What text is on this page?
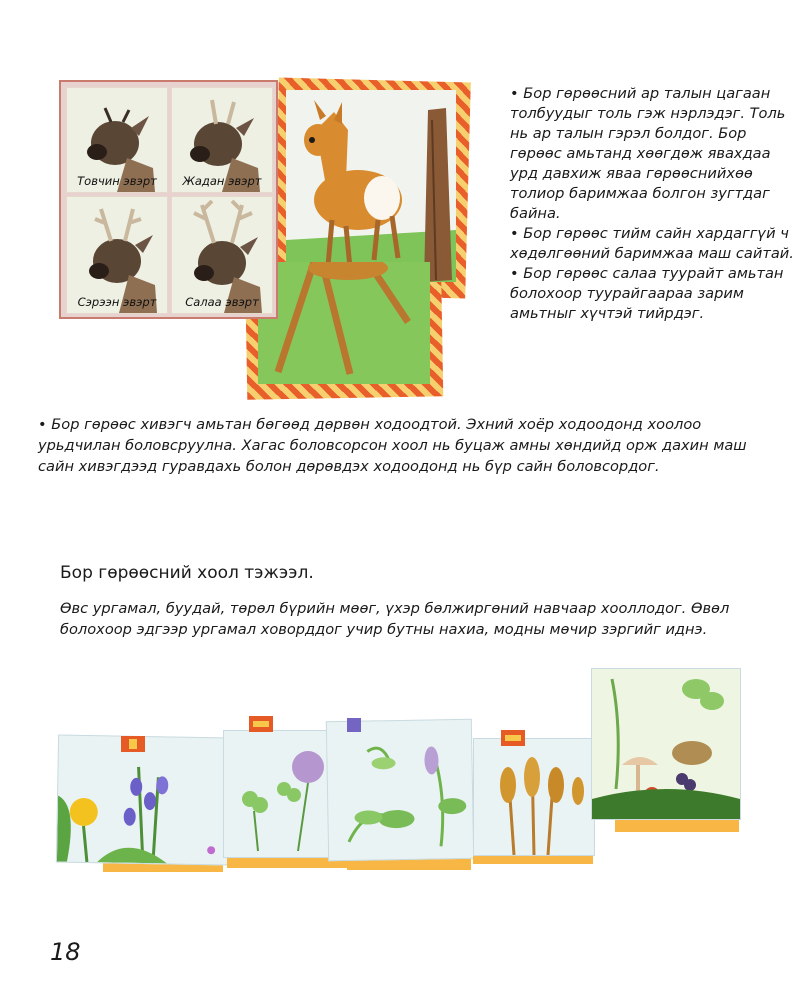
Товчин эвэрт	Жадан эвэрт
Сэрээн эвэрт	Салаа эвэрт

• Бор гөрөөсний ар талын цагаан толбуудыг толь гэж нэрлэдэг. Толь нь ар талын гэрэл болдог. Бор гөрөөс амьтанд хөөгдөж явахдаа урд давхиж яваа гөрөөснийхөө толиор баримжаа болгон зугтдаг байна.

• Бор гөрөөс тийм сайн хардаггүй ч хөдөлгөөний баримжаа маш сайтай.

• Бор гөрөөс салаа туурайт амьтан болохоор туурайгаараа зарим амьтныг хүчтэй тийрдэг.

• Бор гөрөөс хивэгч амьтан бөгөөд дөрвөн ходоодтой. Эхний хоёр ходоодонд хоолоо урьдчилан боловсруулна. Хагас боловсорсон хоол нь буцаж амны хөндийд орж дахин маш сайн хивэгдээд гуравдахь болон дөрөвдэх ходоодонд нь бүр сайн боловсордог.

Бор гөрөөсний хоол тэжээл.
Өвс ургамал, буудай, төрөл бүрийн мөөг, үхэр бөлжиргөний навчаар хооллодог. Өвөл болохоор эдгээр ургамал ховорддог учир бутны нахиа, модны мөчир зэргийг иднэ.
18
